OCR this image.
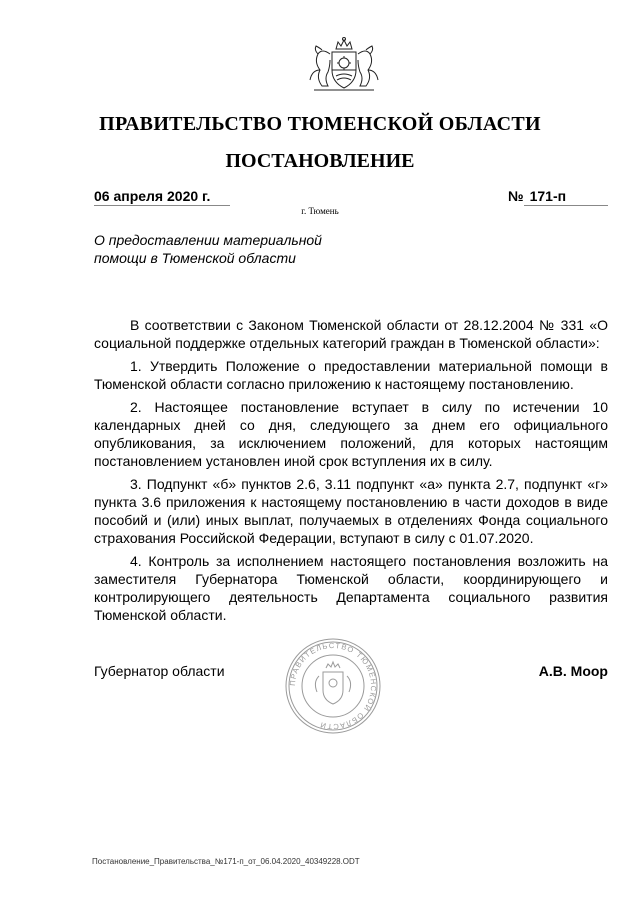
ПРАВИТЕЛЬСТВО ТЮМЕНСКОЙ ОБЛАСТИ
ПОСТАНОВЛЕНИЕ
06 апреля 2020 г.	№ 171-п
г. Тюмень
О предоставлении материальной помощи в Тюменской области

В соответствии с Законом Тюменской области от 28.12.2004 № 331 «О социальной поддержке отдельных категорий граждан в Тюменской области»:

1. Утвердить Положение о предоставлении материальной помощи в Тюменской области согласно приложению к настоящему постановлению.

2. Настоящее постановление вступает в силу по истечении 10 календарных дней со дня, следующего за днем его официального опубликования, за исключением положений, для которых настоящим постановлением установлен иной срок вступления их в силу.

3. Подпункт «б» пунктов 2.6, 3.11 подпункт «а» пункта 2.7, подпункт «г» пункта 3.6 приложения к настоящему постановлению в части доходов в виде пособий и (или) иных выплат, получаемых в отделениях Фонда социального страхования Российской Федерации, вступают в силу с 01.07.2020.

4. Контроль за исполнением настоящего постановления возложить на заместителя Губернатора Тюменской области, координирующего и контролирующего деятельность Департамента социального развития Тюменской области.

ПРАВИТЕЛЬСТВО ТЮМЕНСКОЙ ОБЛАСТИ
Губернатор области	А.В. Моор
Постановление_Правительства_№171-п_от_06.04.2020_40349228.ODT
